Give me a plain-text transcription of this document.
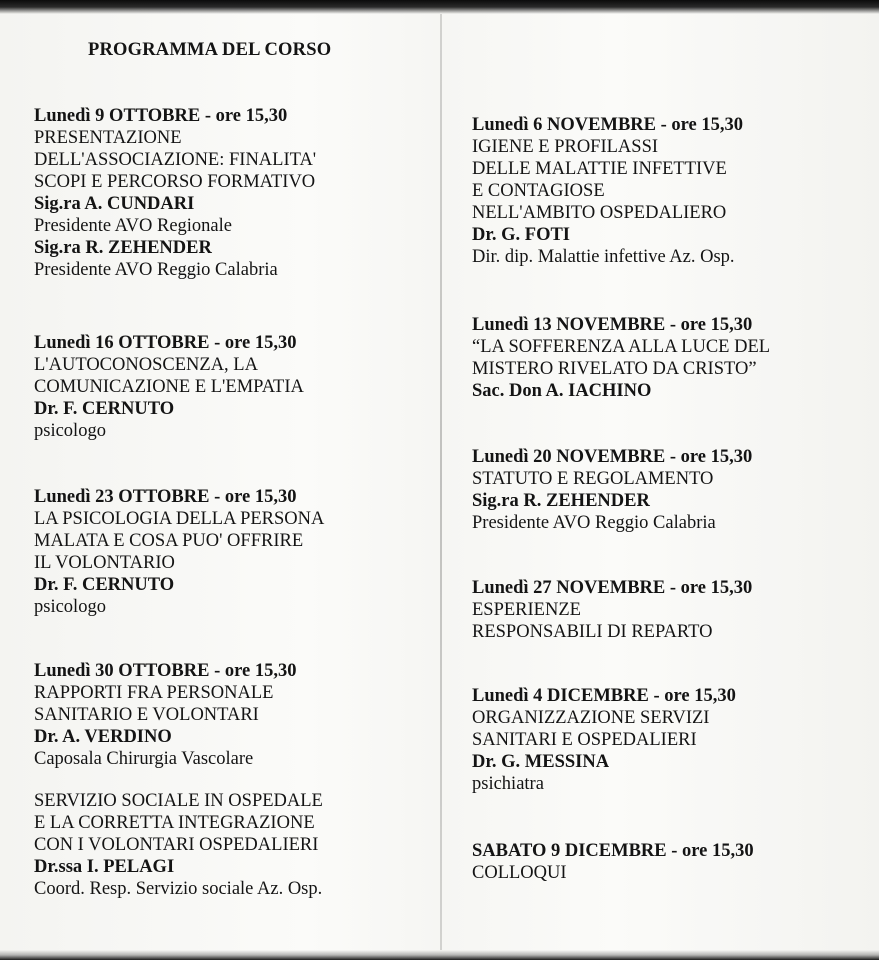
PROGRAMMA DEL CORSO
Lunedì 9 OTTOBRE - ore 15,30
PRESENTAZIONE
DELL'ASSOCIAZIONE: FINALITA'
SCOPI E PERCORSO FORMATIVO
Sig.ra A. CUNDARI
Presidente AVO Regionale
Sig.ra R. ZEHENDER
Presidente AVO Reggio Calabria
Lunedì 16 OTTOBRE - ore 15,30
L'AUTOCONOSCENZA, LA
COMUNICAZIONE E L'EMPATIA
Dr. F. CERNUTO
psicologo
Lunedì 23 OTTOBRE - ore 15,30
LA PSICOLOGIA DELLA PERSONA
MALATA E COSA PUO' OFFRIRE
IL VOLONTARIO
Dr. F. CERNUTO
psicologo
Lunedì 30 OTTOBRE - ore 15,30
RAPPORTI FRA PERSONALE
SANITARIO E VOLONTARI
Dr. A. VERDINO
Caposala Chirurgia Vascolare
SERVIZIO SOCIALE IN OSPEDALE
E LA CORRETTA INTEGRAZIONE
CON I VOLONTARI OSPEDALIERI
Dr.ssa I. PELAGI
Coord. Resp. Servizio sociale Az. Osp.
Lunedì 6 NOVEMBRE - ore 15,30
IGIENE E PROFILASSI
DELLE MALATTIE INFETTIVE
E CONTAGIOSE
NELL'AMBITO OSPEDALIERO
Dr. G. FOTI
Dir. dip. Malattie infettive Az. Osp.
Lunedì 13 NOVEMBRE - ore 15,30
“LA SOFFERENZA ALLA LUCE DEL
MISTERO RIVELATO DA CRISTO”
Sac. Don A. IACHINO
Lunedì 20 NOVEMBRE - ore 15,30
STATUTO E REGOLAMENTO
Sig.ra R. ZEHENDER
Presidente AVO Reggio Calabria
Lunedì 27 NOVEMBRE - ore 15,30
ESPERIENZE
RESPONSABILI DI REPARTO
Lunedì 4 DICEMBRE - ore 15,30
ORGANIZZAZIONE SERVIZI
SANITARI E OSPEDALIERI
Dr. G. MESSINA
psichiatra
SABATO 9 DICEMBRE - ore 15,30
COLLOQUI
